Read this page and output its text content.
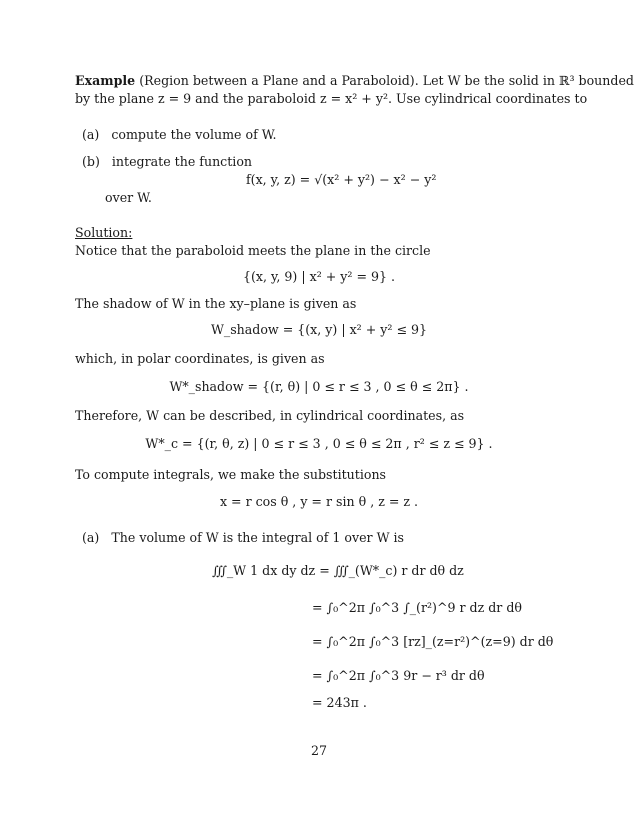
Example (Region between a Plane and a Paraboloid). Let W be the solid in ℝ³ bounded
by the plane z = 9 and the paraboloid z = x² + y². Use cylindrical coordinates to
(a) compute the volume of W.
(b) integrate the function
f(x, y, z) = √(x² + y²) − x² − y²
over W.
Solution:
Notice that the paraboloid meets the plane in the circle
{(x, y, 9) | x² + y² = 9} .
The shadow of W in the xy–plane is given as
W_shadow = {(x, y) | x² + y² ≤ 9}
which, in polar coordinates, is given as
W*_shadow = {(r, θ) | 0 ≤ r ≤ 3 , 0 ≤ θ ≤ 2π} .
Therefore, W can be described, in cylindrical coordinates, as
W*_c = {(r, θ, z) | 0 ≤ r ≤ 3 , 0 ≤ θ ≤ 2π , r² ≤ z ≤ 9} .
To compute integrals, we make the substitutions
x = r cos θ , y = r sin θ , z = z .
(a) The volume of W is the integral of 1 over W is
∭_W 1 dx dy dz = ∭_(W*_c) r dr dθ dz
= ∫₀^2π ∫₀^3 ∫_(r²)^9 r dz dr dθ
= ∫₀^2π ∫₀^3 [rz]_(z=r²)^(z=9) dr dθ
= ∫₀^2π ∫₀^3 9r − r³ dr dθ
= 243π .
27
